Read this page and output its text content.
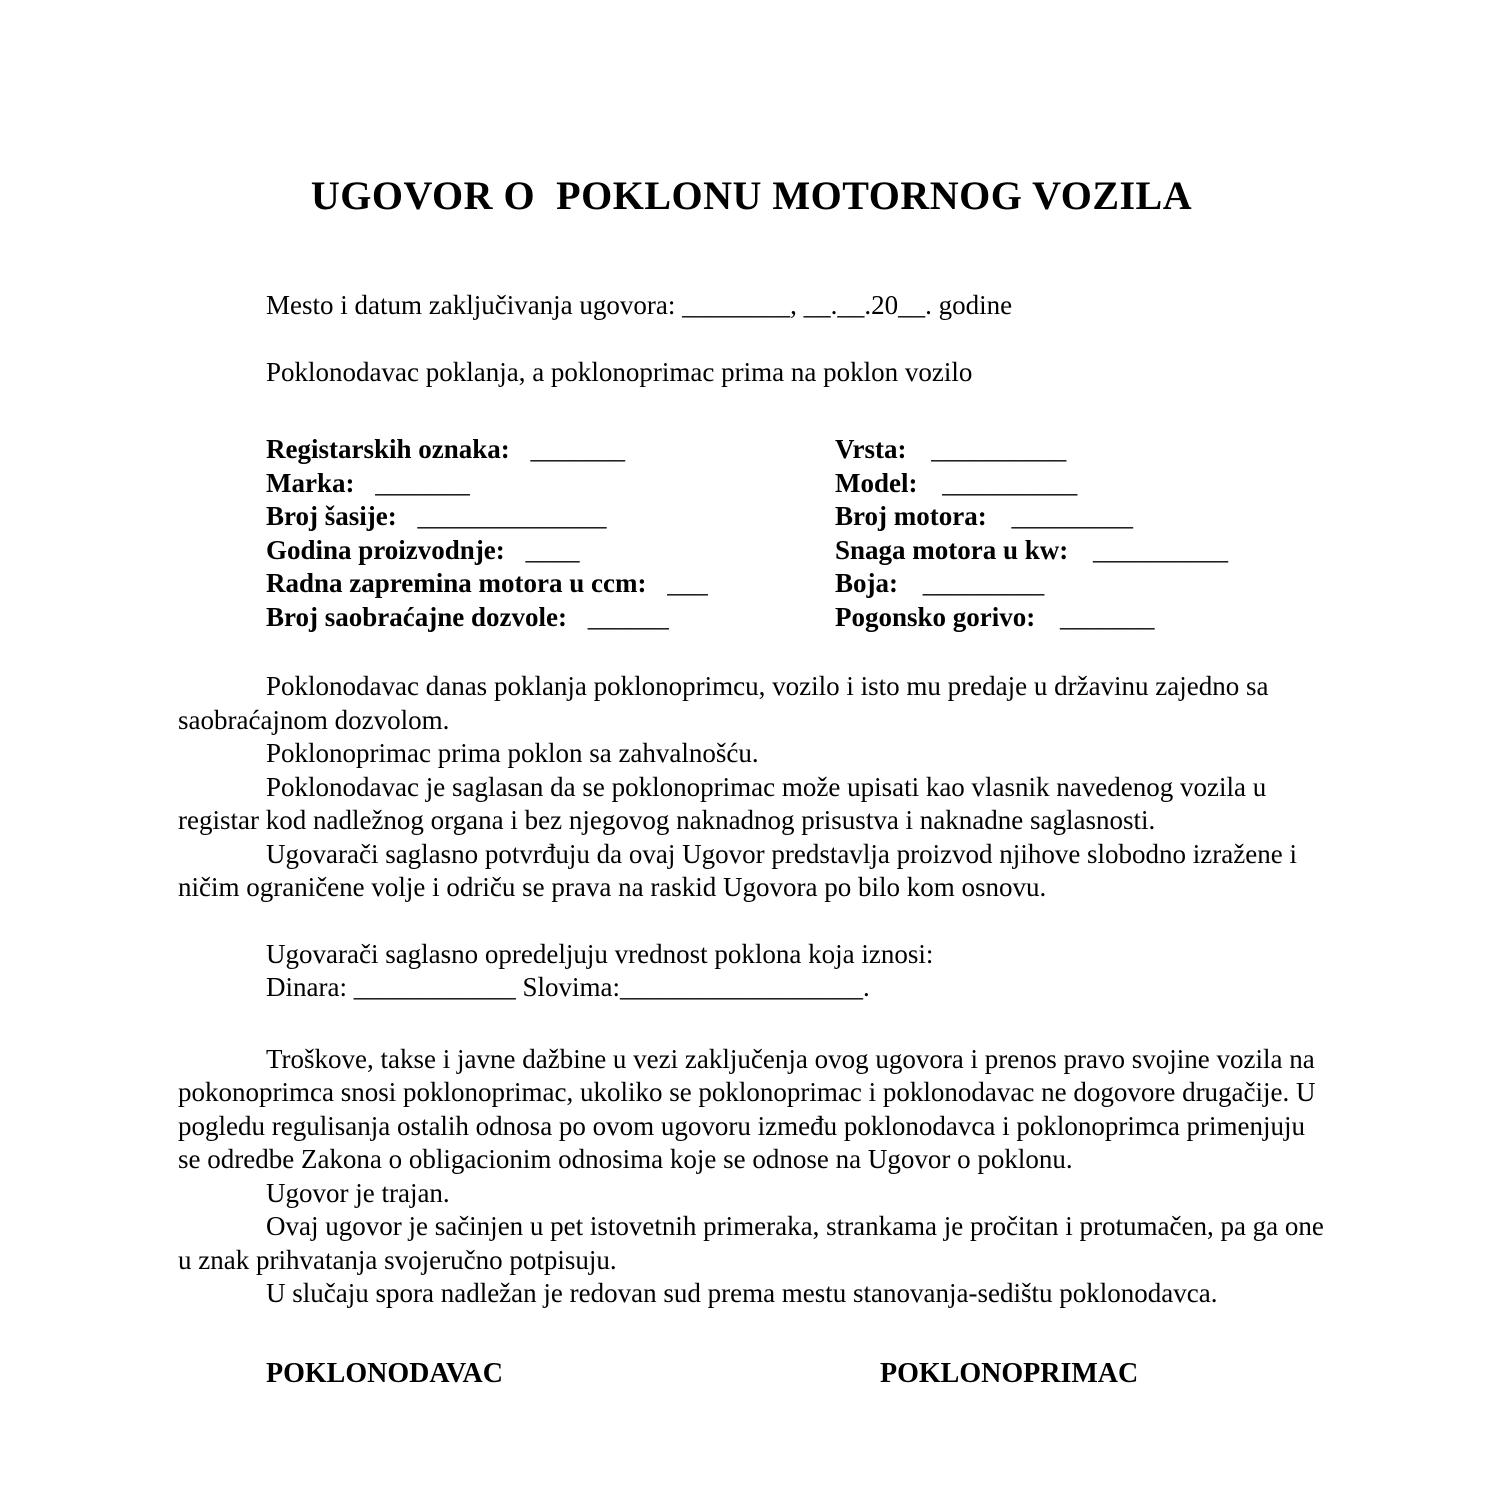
UGOVOR O  POKLONU MOTORNOG VOZILA

Mesto i datum zaključivanja ugovora: ________, __.__.20__. godine

Poklonodavac poklanja, a poklonoprimac prima na poklon vozilo

Registarskih oznaka: _______	Vrsta: __________
Marka: _______	Model: __________
Broj šasije: ______________	Broj motora: _________
Godina proizvodnje: ____	Snaga motora u kw: __________
Radna zapremina motora u ccm: ___	Boja: _________
Broj saobraćajne dozvole: ______	Pogonsko gorivo: _______

Poklonodavac danas poklanja poklonoprimcu, vozilo i isto mu predaje u državinu zajedno sa saobraćajnom dozvolom.

Poklonoprimac prima poklon sa zahvalnošću.

Poklonodavac je saglasan da se poklonoprimac može upisati kao vlasnik navedenog vozila u registar kod nadležnog organa i bez njegovog naknadnog prisustva i naknadne saglasnosti.

Ugovarači saglasno potvrđuju da ovaj Ugovor predstavlja proizvod njihove slobodno izražene i ničim ograničene volje i odriču se prava na raskid Ugovora po bilo kom osnovu.

Ugovarači saglasno opredeljuju vrednost poklona koja iznosi:

Dinara: ____________ Slovima:__________________.

Troškove, takse i javne dažbine u vezi zaključenja ovog ugovora i prenos pravo svojine vozila na pokonoprimca snosi poklonoprimac, ukoliko se poklonoprimac i poklonodavac ne dogovore drugačije. U pogledu regulisanja ostalih odnosa po ovom ugovoru između poklonodavca i poklonoprimca primenjuju se odredbe Zakona o obligacionim odnosima koje se odnose na Ugovor o poklonu.

Ugovor je trajan.

Ovaj ugovor je sačinjen u pet istovetnih primeraka, strankama je pročitan i protumačen, pa ga one u znak prihvatanja svojeručno potpisuju.

U slučaju spora nadležan je redovan sud prema mestu stanovanja-sedištu poklonodavca.

POKLONODAVAC	POKLONOPRIMAC
